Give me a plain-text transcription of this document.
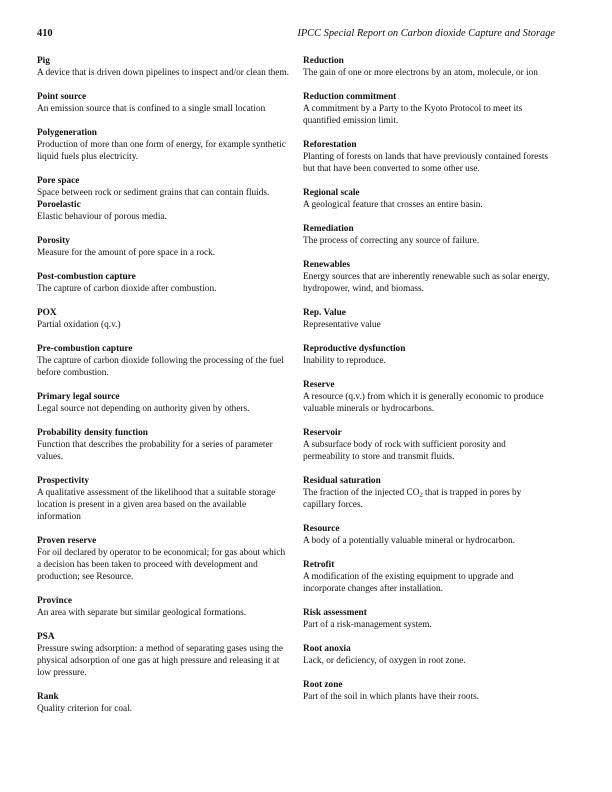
410	IPCC Special Report on Carbon dioxide Capture and Storage
Pig
A device that is driven down pipelines to inspect and/or clean them.
Point source
An emission source that is confined to a single small location
Polygeneration
Production of more than one form of energy, for example synthetic liquid fuels plus electricity.
Pore space
Space between rock or sediment grains that can contain fluids.
Poroelastic
Elastic behaviour of porous media.
Porosity
Measure for the amount of pore space in a rock.
Post-combustion capture
The capture of carbon dioxide after combustion.
POX
Partial oxidation (q.v.)
Pre-combustion capture
The capture of carbon dioxide following the processing of the fuel before combustion.
Primary legal source
Legal source not depending on authority given by others.
Probability density function
Function that describes the probability for a series of parameter values.
Prospectivity
A qualitative assessment of the likelihood that a suitable storage location is present in a given area based on the available information
Proven reserve
For oil declared by operator to be economical; for gas about which a decision has been taken to proceed with development and production; see Resource.
Province
An area with separate but similar geological formations.
PSA
Pressure swing adsorption: a method of separating gases using the physical adsorption of one gas at high pressure and releasing it at low pressure.
Rank
Quality criterion for coal.
Reduction
The gain of one or more electrons by an atom, molecule, or ion
Reduction commitment
A commitment by a Party to the Kyoto Protocol to meet its quantified emission limit.
Reforestation
Planting of forests on lands that have previously contained forests but that have been converted to some other use.
Regional scale
A geological feature that crosses an entire basin.
Remediation
The process of correcting any source of failure.
Renewables
Energy sources that are inherently renewable such as solar energy, hydropower, wind, and biomass.
Rep. Value
Representative value
Reproductive dysfunction
Inability to reproduce.
Reserve
A resource (q.v.) from which it is generally economic to produce valuable minerals or hydrocarbons.
Reservoir
A subsurface body of rock with sufficient porosity and permeability to store and transmit fluids.
Residual saturation
The fraction of the injected $CO_2$ that is trapped in pores by capillary forces.
Resource
A body of a potentially valuable mineral or hydrocarbon.
Retrofit
A modification of the existing equipment to upgrade and incorporate changes after installation.
Risk assessment
Part of a risk-management system.
Root anoxia
Lack, or deficiency, of oxygen in root zone.
Root zone
Part of the soil in which plants have their roots.
